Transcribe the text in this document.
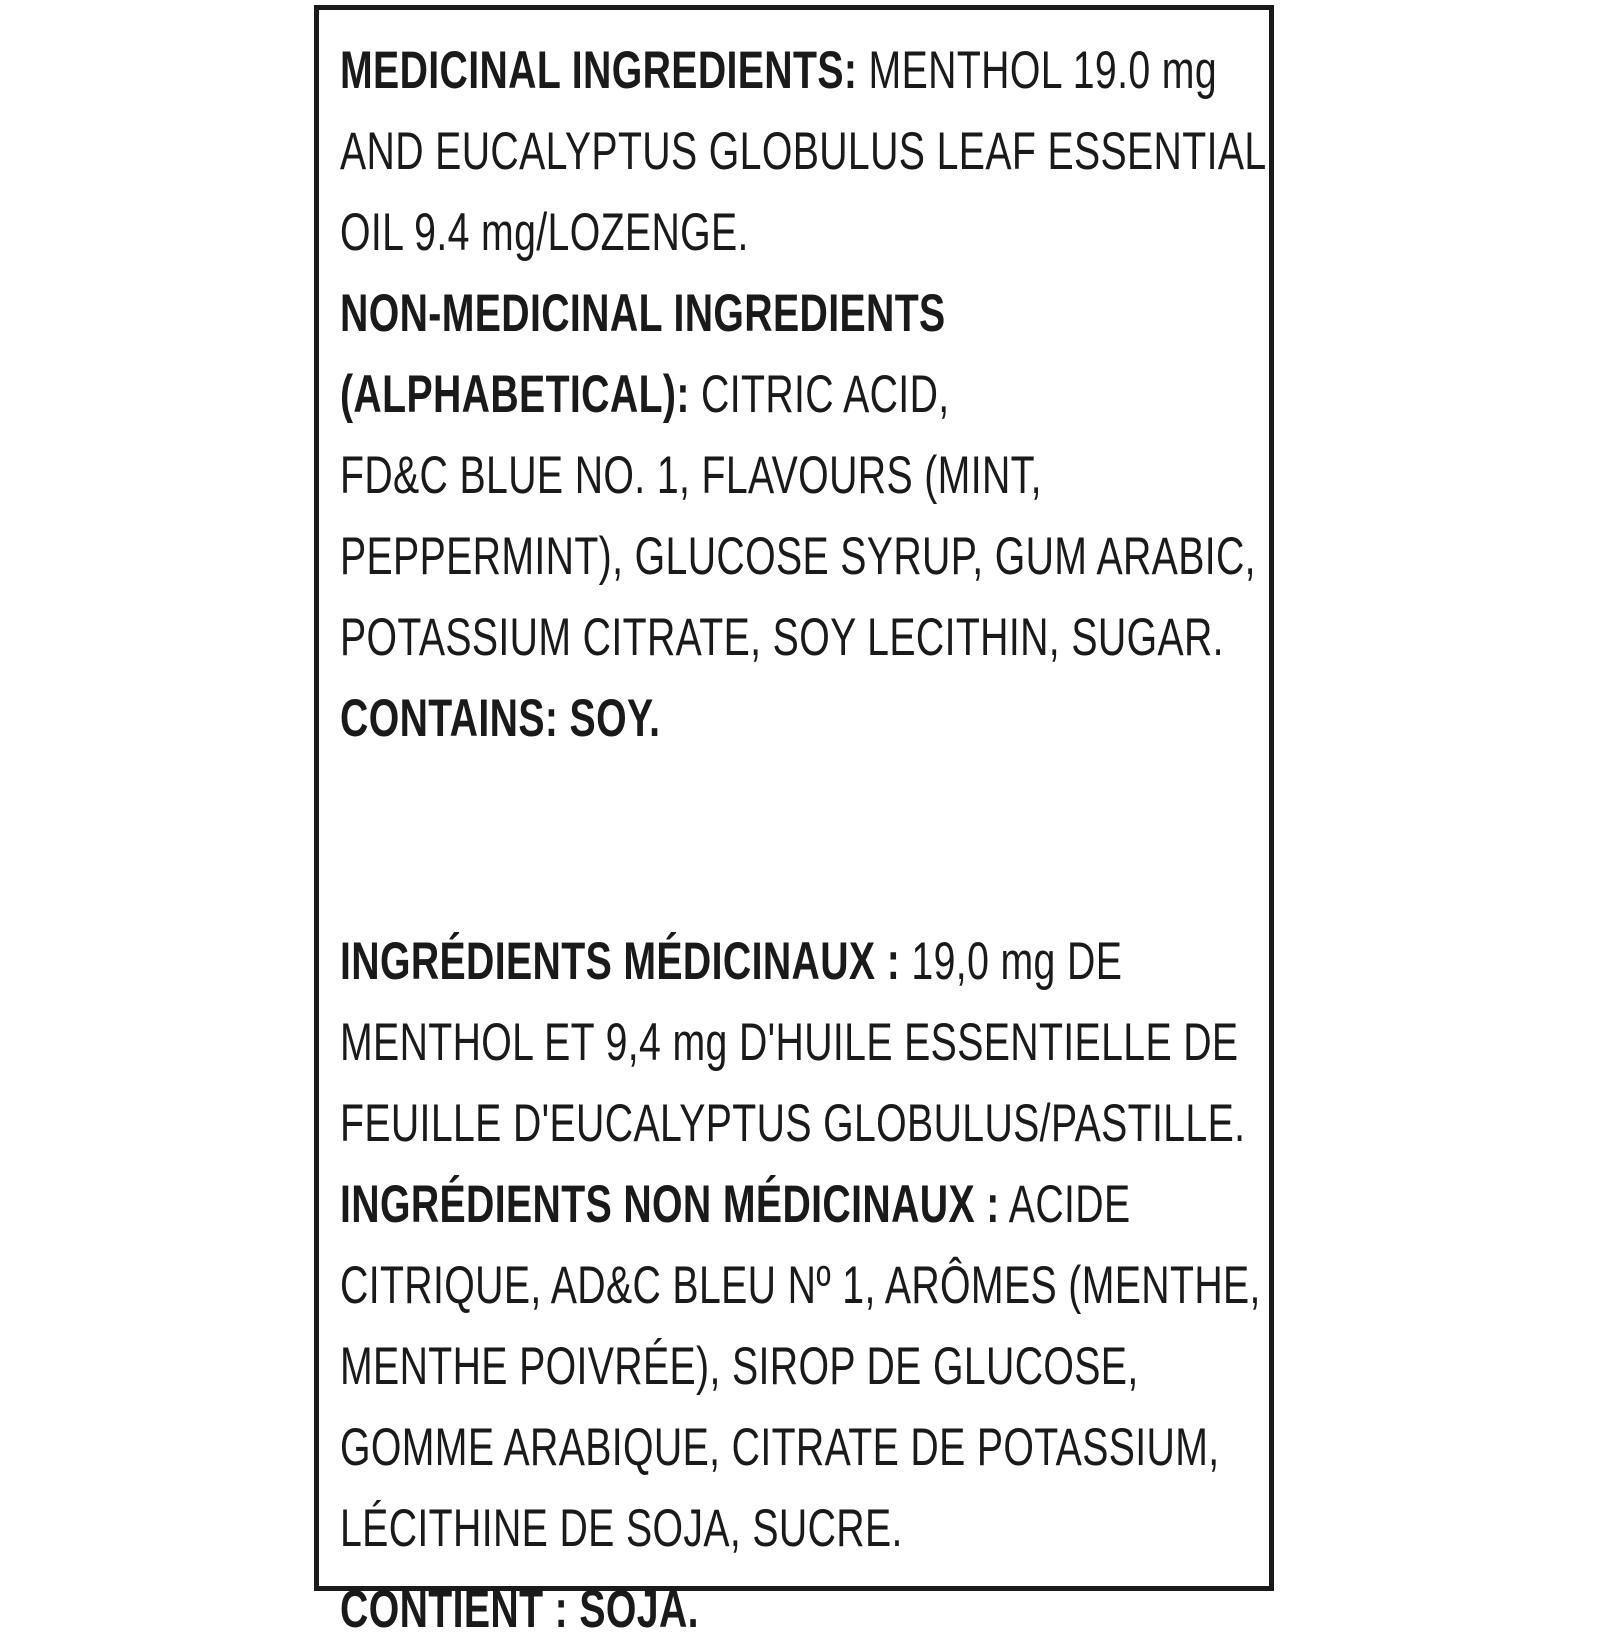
MEDICINAL INGREDIENTS: MENTHOL 19.0 mg
AND EUCALYPTUS GLOBULUS LEAF ESSENTIAL
OIL 9.4 mg/LOZENGE.
NON-MEDICINAL INGREDIENTS
(ALPHABETICAL): CITRIC ACID,
FD&C BLUE NO. 1, FLAVOURS (MINT,
PEPPERMINT), GLUCOSE SYRUP, GUM ARABIC,
POTASSIUM CITRATE, SOY LECITHIN, SUGAR.
CONTAINS: SOY.
INGRÉDIENTS MÉDICINAUX : 19,0 mg DE
MENTHOL ET 9,4 mg D'HUILE ESSENTIELLE DE
FEUILLE D'EUCALYPTUS GLOBULUS/PASTILLE.
INGRÉDIENTS NON MÉDICINAUX : ACIDE
CITRIQUE, AD&C BLEU Nº 1, ARÔMES (MENTHE,
MENTHE POIVRÉE), SIROP DE GLUCOSE,
GOMME ARABIQUE, CITRATE DE POTASSIUM,
LÉCITHINE DE SOJA, SUCRE.
CONTIENT : SOJA.
